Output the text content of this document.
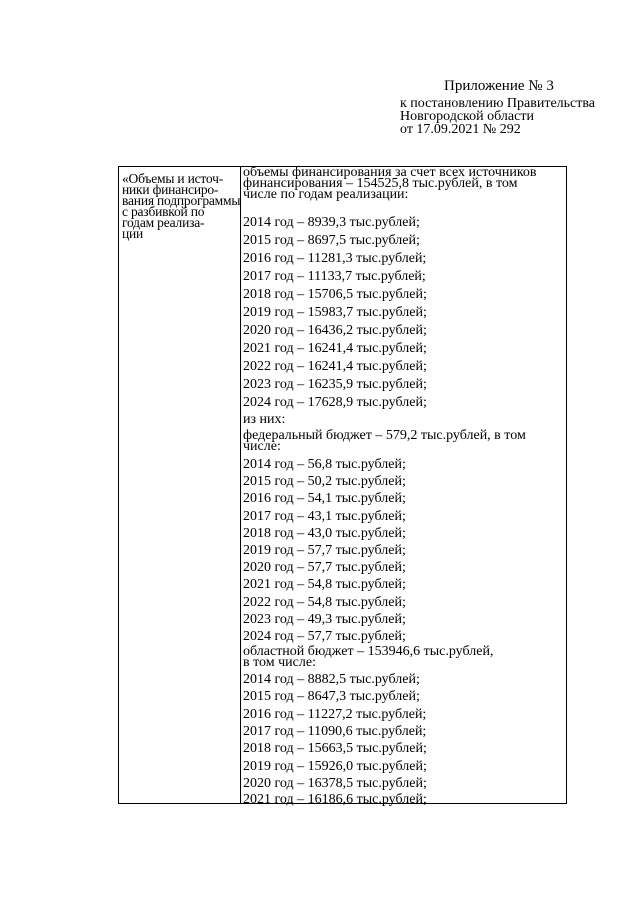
Приложение № 3
к постановлению Правительства
Новгородской области
от 17.09.2021 № 292
«Объемы и источ-
ники финансиро-
вания подпрограммы
с разбивкой по
годам реализа-
ции
объемы финансирования за счет всех источников
финансирования – 154525,8 тыс.рублей, в том
числе по годам реализации:
2014 год – 8939,3 тыс.рублей;
2015 год – 8697,5 тыс.рублей;
2016 год – 11281,3 тыс.рублей;
2017 год – 11133,7 тыс.рублей;
2018 год – 15706,5 тыс.рублей;
2019 год – 15983,7 тыс.рублей;
2020 год – 16436,2 тыс.рублей;
2021 год – 16241,4 тыс.рублей;
2022 год – 16241,4 тыс.рублей;
2023 год – 16235,9 тыс.рублей;
2024 год – 17628,9 тыс.рублей;
из них:
федеральный бюджет – 579,2 тыс.рублей, в том
числе:
2014 год – 56,8 тыс.рублей;
2015 год – 50,2 тыс.рублей;
2016 год – 54,1 тыс.рублей;
2017 год – 43,1 тыс.рублей;
2018 год – 43,0 тыс.рублей;
2019 год – 57,7 тыс.рублей;
2020 год – 57,7 тыс.рублей;
2021 год – 54,8 тыс.рублей;
2022 год – 54,8 тыс.рублей;
2023 год – 49,3 тыс.рублей;
2024 год – 57,7 тыс.рублей;
областной бюджет – 153946,6 тыс.рублей,
в том числе:
2014 год – 8882,5 тыс.рублей;
2015 год – 8647,3 тыс.рублей;
2016 год – 11227,2 тыс.рублей;
2017 год – 11090,6 тыс.рублей;
2018 год – 15663,5 тыс.рублей;
2019 год – 15926,0 тыс.рублей;
2020 год – 16378,5 тыс.рублей;
2021 год – 16186,6 тыс.рублей;
